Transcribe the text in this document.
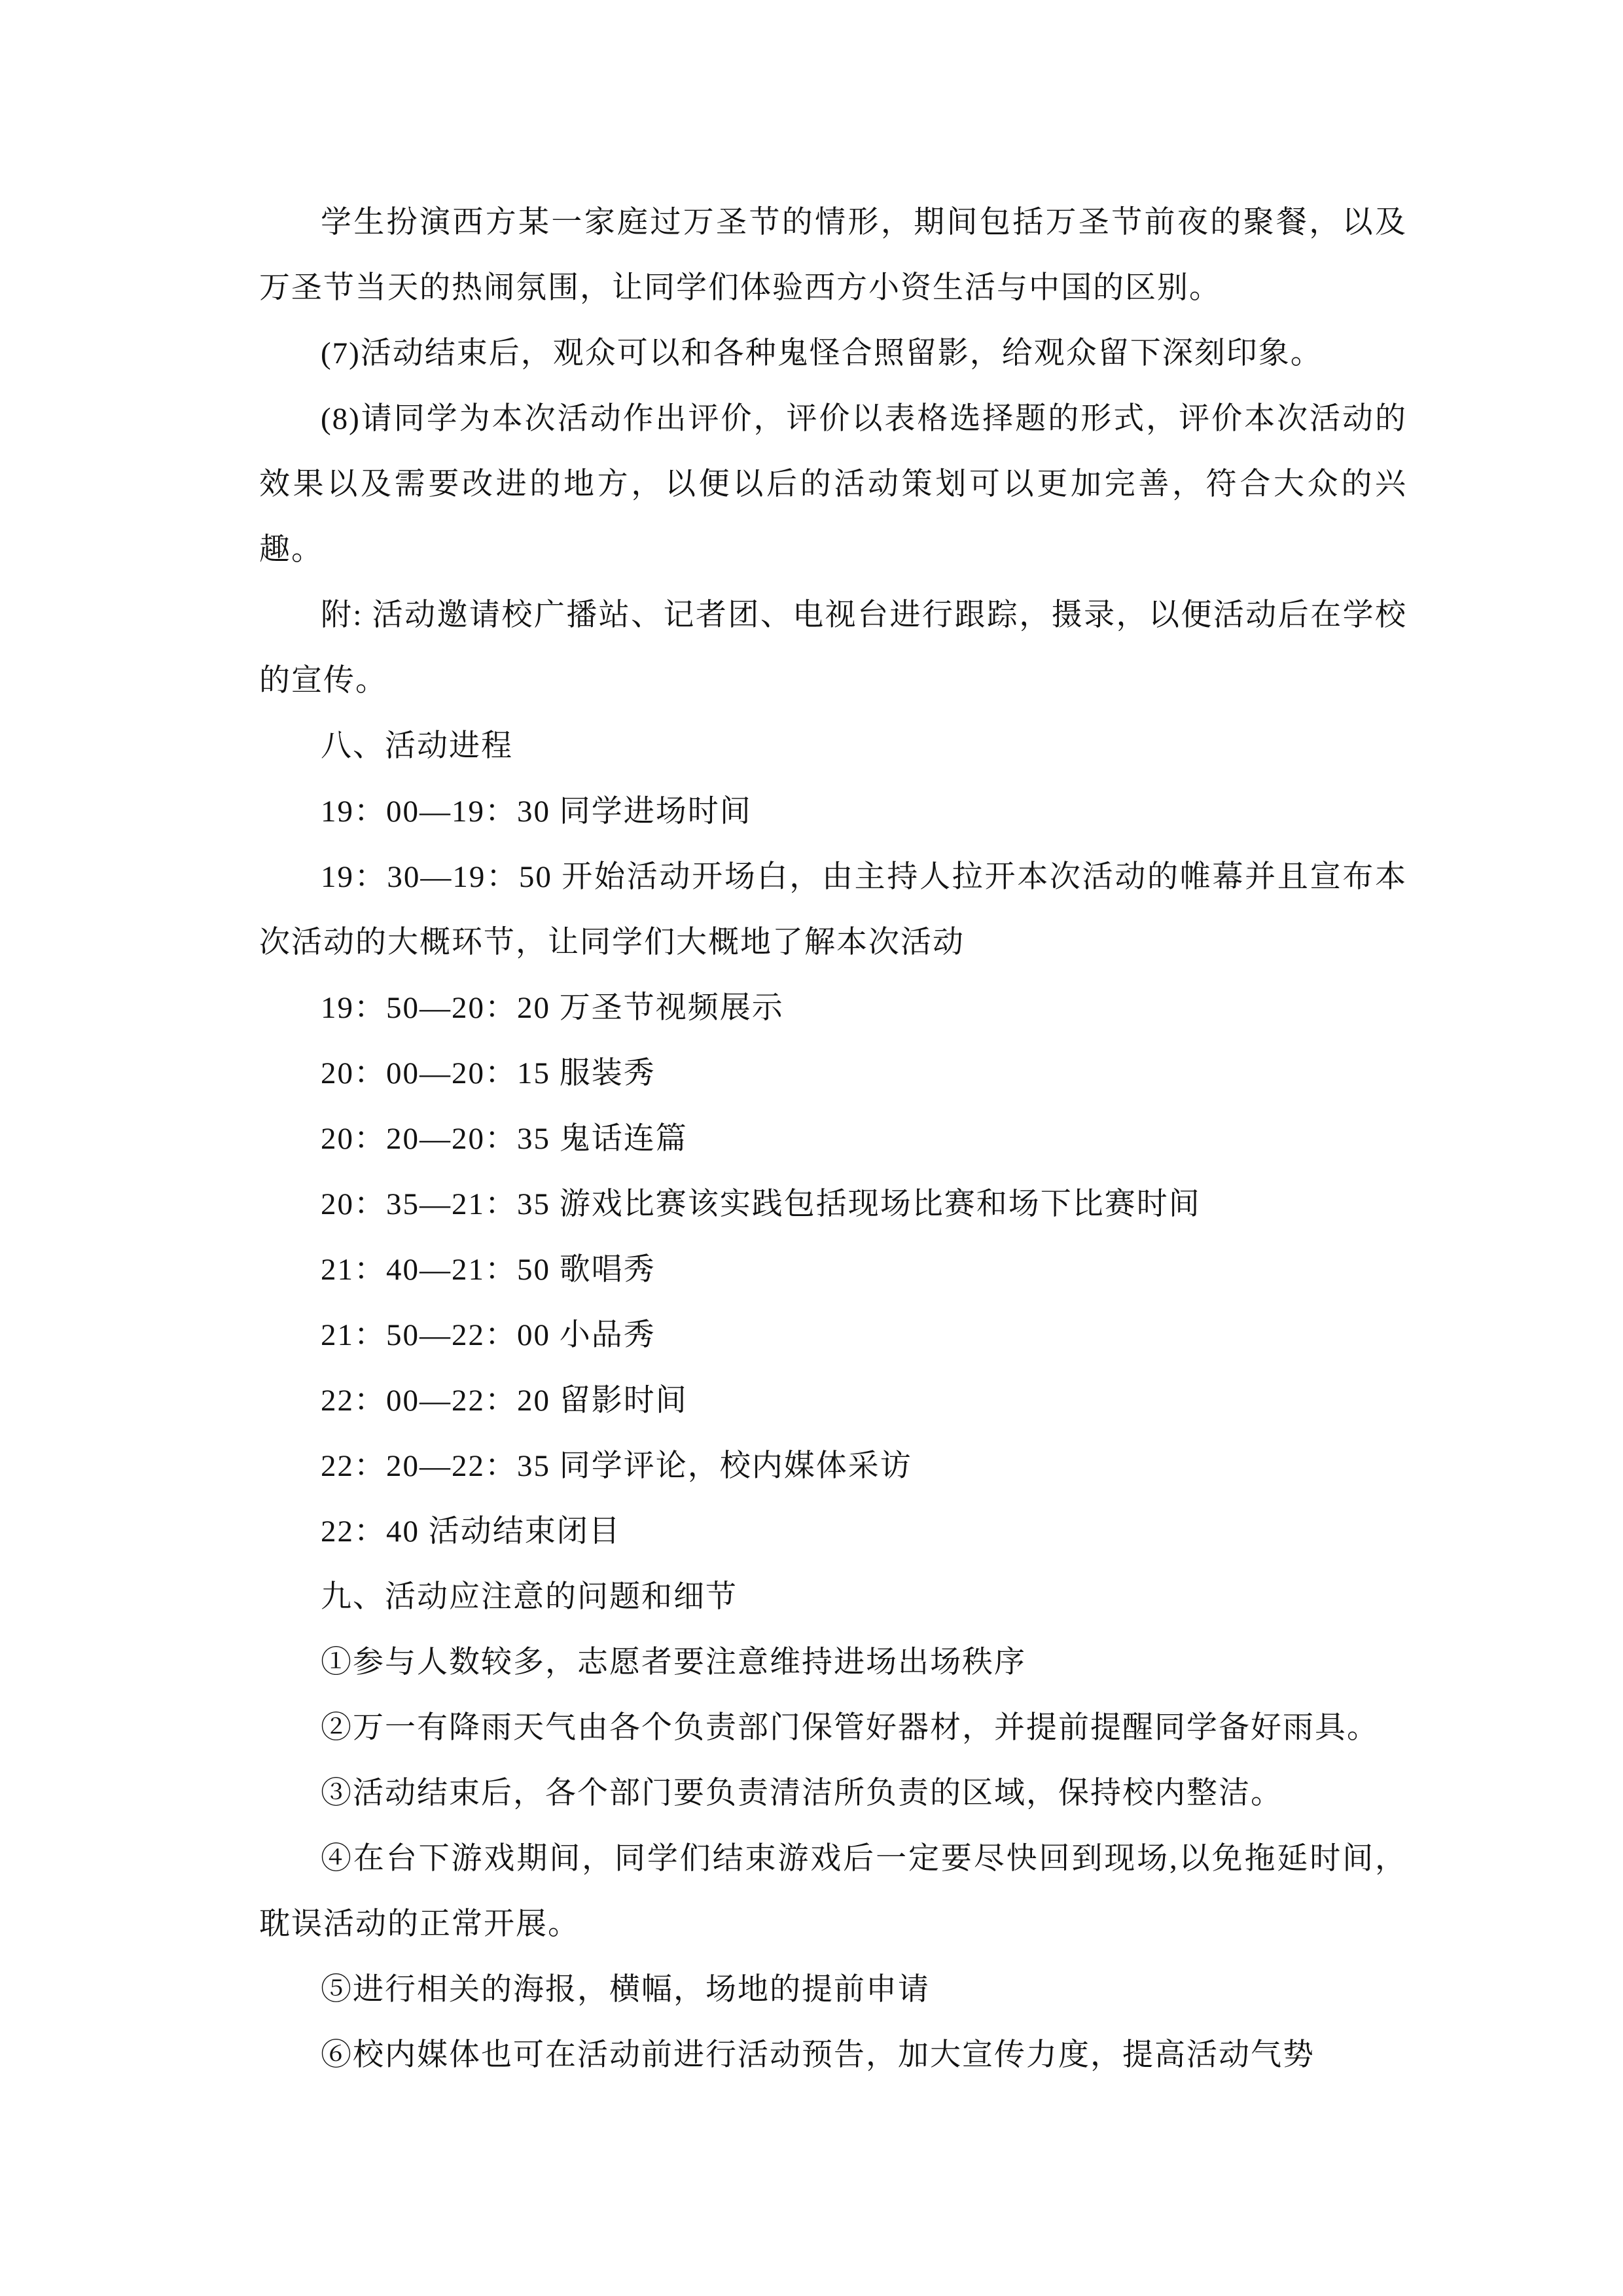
学生扮演西方某一家庭过万圣节的情形，期间包括万圣节前夜的聚餐，以及万圣节当天的热闹氛围，让同学们体验西方小资生活与中国的区别。

(7)活动结束后，观众可以和各种鬼怪合照留影，给观众留下深刻印象。

(8)请同学为本次活动作出评价，评价以表格选择题的形式，评价本次活动的效果以及需要改进的地方，以便以后的活动策划可以更加完善，符合大众的兴趣。

附: 活动邀请校广播站、记者团、电视台进行跟踪，摄录，以便活动后在学校的宣传。

八、活动进程

19：00—19：30 同学进场时间

19：30—19：50 开始活动开场白，由主持人拉开本次活动的帷幕并且宣布本次活动的大概环节，让同学们大概地了解本次活动

19：50—20：20 万圣节视频展示

20：00—20：15 服装秀

20：20—20：35 鬼话连篇

20：35—21：35 游戏比赛该实践包括现场比赛和场下比赛时间

21：40—21：50 歌唱秀

21：50—22：00 小品秀

22：00—22：20 留影时间

22：20—22：35 同学评论，校内媒体采访

22：40 活动结束闭目

九、活动应注意的问题和细节

①参与人数较多，志愿者要注意维持进场出场秩序

②万一有降雨天气由各个负责部门保管好器材，并提前提醒同学备好雨具。

③活动结束后，各个部门要负责清洁所负责的区域，保持校内整洁。

④在台下游戏期间，同学们结束游戏后一定要尽快回到现场,以免拖延时间，耽误活动的正常开展。

⑤进行相关的海报，横幅，场地的提前申请

⑥校内媒体也可在活动前进行活动预告，加大宣传力度，提高活动气势
